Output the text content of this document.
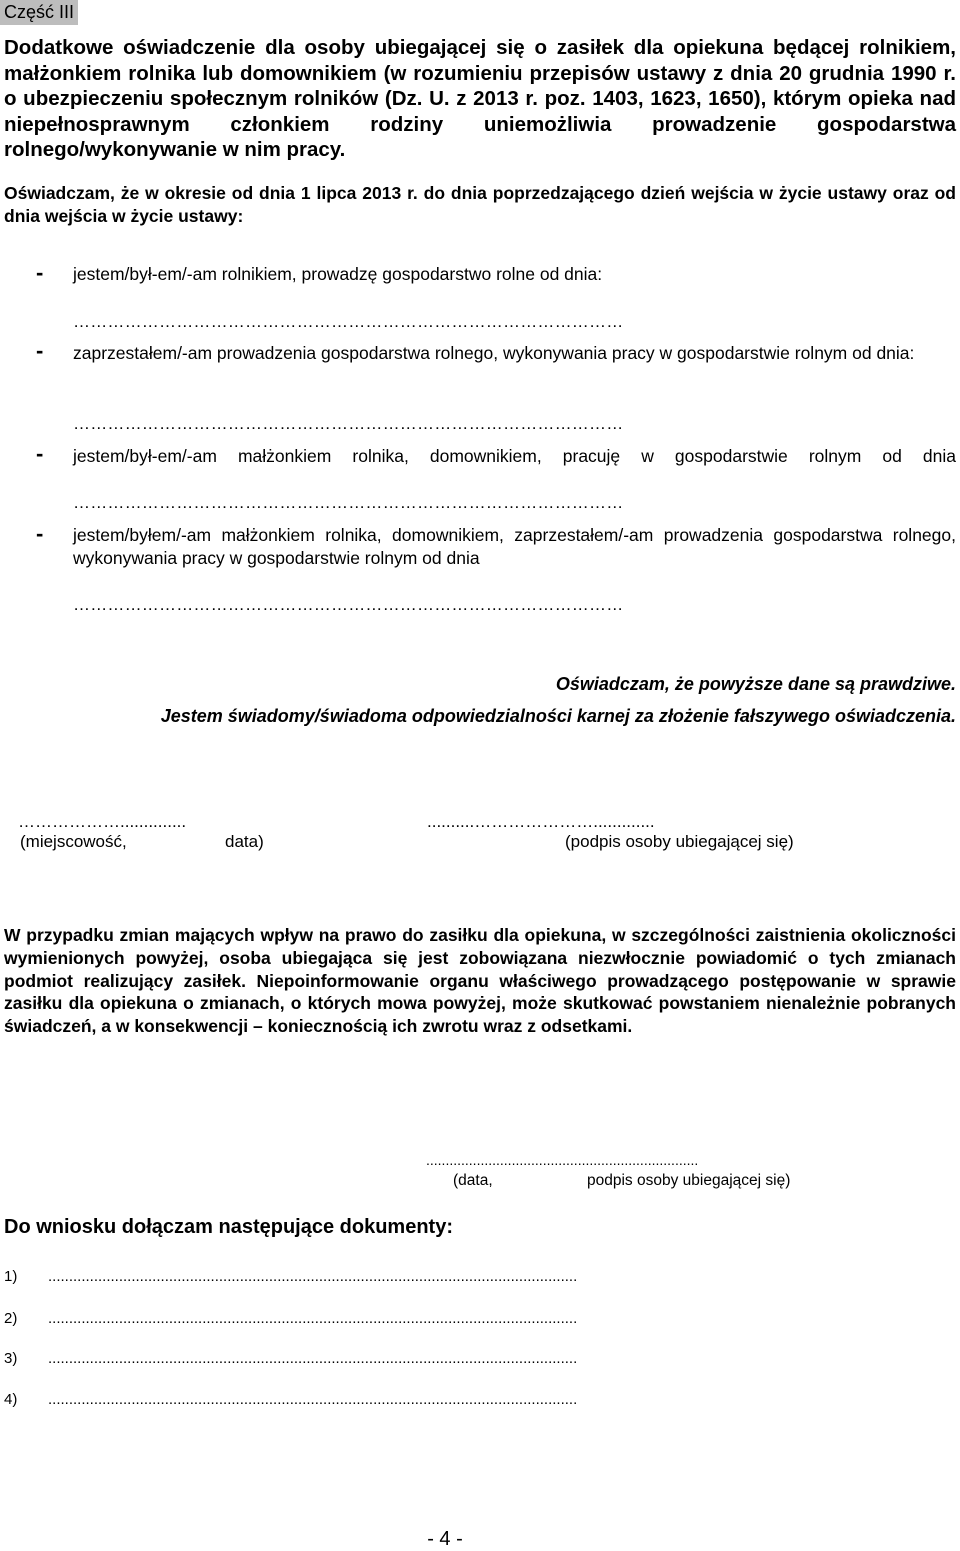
Część III
Dodatkowe oświadczenie dla osoby ubiegającej się o zasiłek dla opiekuna będącej rolnikiem, małżonkiem rolnika lub domownikiem (w rozumieniu przepisów ustawy z dnia 20 grudnia 1990 r. o ubezpieczeniu społecznym rolników (Dz. U. z 2013 r. poz. 1403, 1623, 1650), którym opieka nad niepełnosprawnym członkiem rodziny uniemożliwia prowadzenie gospodarstwa rolnego/wykonywanie w nim pracy.
Oświadczam, że w okresie od dnia 1 lipca 2013 r. do dnia poprzedzającego dzień wejścia w życie ustawy oraz od dnia wejścia w życie ustawy:
- jestem/był-em/-am rolnikiem, prowadzę gospodarstwo rolne od dnia:
……………………………………………………………………………………
- zaprzestałem/-am prowadzenia gospodarstwa rolnego, wykonywania pracy w gospodarstwie rolnym od dnia:
……………………………………………………………………………………
- jestem/był-em/-am małżonkiem rolnika, domownikiem, pracuję w gospodarstwie rolnym od dnia
……………………………………………………………………………………
- jestem/byłem/-am małżonkiem rolnika, domownikiem, zaprzestałem/-am prowadzenia gospodarstwa rolnego, wykonywania pracy w gospodarstwie rolnym od dnia
……………………………………………………………………………………
Oświadczam, że powyższe dane są prawdziwe.
Jestem świadomy/świadoma odpowiedzialności karnej za złożenie fałszywego oświadczenia.
………………..............	..........………………….............
(miejscowość,	data)	(podpis osoby ubiegającej się)
W przypadku zmian mających wpływ na prawo do zasiłku dla opiekuna, w szczególności zaistnienia okoliczności wymienionych powyżej, osoba ubiegająca się jest zobowiązana niezwłocznie powiadomić o tych zmianach podmiot realizujący zasiłek. Niepoinformowanie organu właściwego prowadzącego postępowanie w sprawie zasiłku dla opiekuna o zmianach, o których mowa powyżej, może skutkować powstaniem nienależnie pobranych świadczeń, a w konsekwencji – koniecznością ich zwrotu wraz z odsetkami.
......................................................................
(data,	podpis osoby ubiegającej się)
Do wniosku dołączam następujące dokumenty:
1) ...............................................................................................................................
2) ...............................................................................................................................
3) ...............................................................................................................................
4) ...............................................................................................................................
- 4 -
